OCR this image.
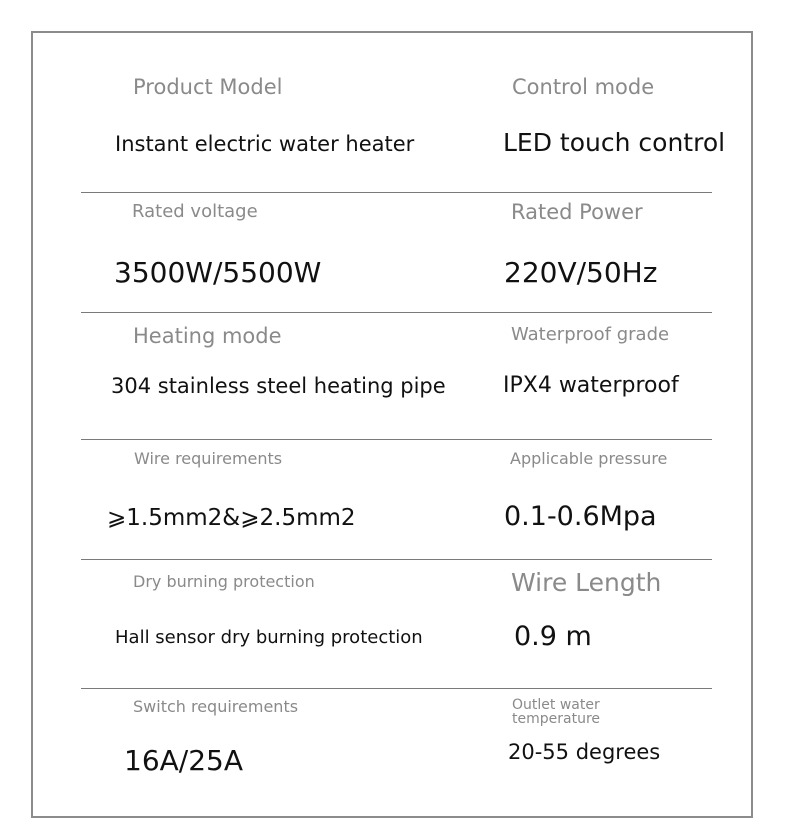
Product Model
Instant electric water heater
Control mode
LED touch control
Rated voltage
3500W/5500W
Rated Power
220V/50Hz
Heating mode
304 stainless steel heating pipe
Waterproof grade
IPX4 waterproof
Wire requirements
⩾1.5mm2&⩾2.5mm2
Applicable pressure
0.1-0.6Mpa
Dry burning protection
Hall sensor dry burning protection
Wire Length
0.9 m
Switch requirements
16A/25A
Outlet water temperature
20-55 degrees
